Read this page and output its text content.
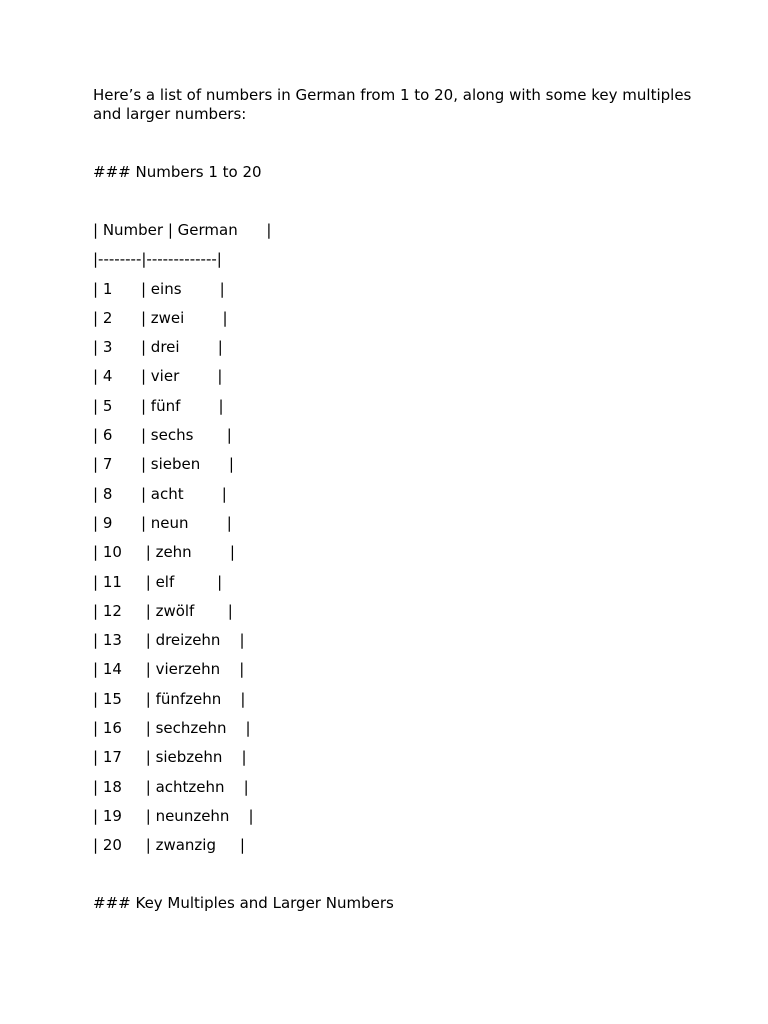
Here’s a list of numbers in German from 1 to 20, along with some key multiples and larger numbers:

### Numbers 1 to 20

| Number | German      |
|--------|-------------|
| 1      | eins        |
| 2      | zwei        |
| 3      | drei        |
| 4      | vier        |
| 5      | fünf        |
| 6      | sechs       |
| 7      | sieben      |
| 8      | acht        |
| 9      | neun        |
| 10     | zehn        |
| 11     | elf         |
| 12     | zwölf       |
| 13     | dreizehn    |
| 14     | vierzehn    |
| 15     | fünfzehn    |
| 16     | sechzehn    |
| 17     | siebzehn    |
| 18     | achtzehn    |
| 19     | neunzehn    |
| 20     | zwanzig     |

### Key Multiples and Larger Numbers
